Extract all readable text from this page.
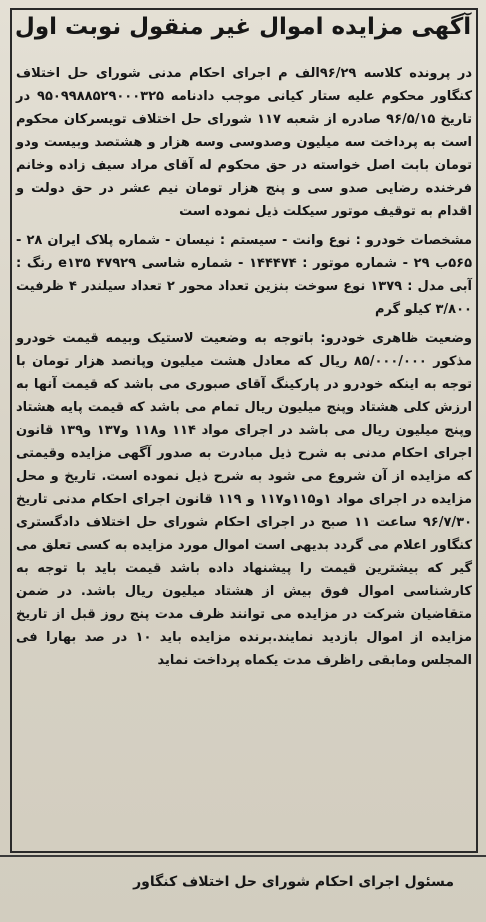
آگهی مزایده اموال غیر منقول نوبت اول

در پرونده کلاسه ۹۶/۲۹الف م اجرای احکام مدنی شورای حل اختلاف کنگاور محکوم علیه ستار کیانی موجب دادنامه ۹۵۰۹۹۸۸۵۲۹۰۰۰۳۲۵ در تاریخ ۹۶/۵/۱۵ صادره از شعبه ۱۱۷ شورای حل اختلاف تویسرکان محکوم است به پرداخت سه میلیون وصدوسی وسه هزار و هشتصد وبیست ودو تومان بابت اصل خواسته در حق محکوم له آقای مراد سیف زاده وخانم فرخنده رضایی صدو سی و پنج هزار تومان نیم عشر در حق دولت و اقدام به توقیف موتور سیکلت ذیل نموده است

مشخصات خودرو : نوع وانت - سیستم : نیسان - شماره پلاک ایران ۲۸ - ۵۶۵ب ۲۹ - شماره موتور : ۱۴۴۴۷۴ - شماره شاسی ۴۷۹۲۹ e۱۳۵ رنگ : آبی مدل : ۱۳۷۹ نوع سوخت بنزین تعداد محور ۲ تعداد سیلندر ۴ ظرفیت ۳/۸۰۰ کیلو گرم

وضعیت ظاهری خودرو: باتوجه به وضعیت لاستیک وبیمه قیمت خودرو مذکور ۸۵/۰۰۰/۰۰۰ ریال که معادل هشت میلیون وپانصد هزار تومان با توجه به اینکه خودرو در پارکینگ آقای صبوری می باشد که قیمت آنها به ارزش کلی هشتاد وپنج میلیون ریال تمام می باشد که قیمت پایه هشتاد وپنج میلیون ریال می باشد در اجرای مواد ۱۱۴ و۱۱۸ و۱۳۷ و۱۳۹ قانون اجرای احکام مدنی به شرح ذیل مبادرت به صدور آگهی مزایده وقیمتی که مزایده از آن شروع می شود به شرح ذیل نموده است. تاریخ و محل مزایده در اجرای مواد ۱و۱۱۵و۱۱۷ و ۱۱۹ قانون اجرای احکام مدنی تاریخ ۹۶/۷/۳۰ ساعت ۱۱ صبح در اجرای احکام شورای حل اختلاف دادگستری کنگاور اعلام می گردد بدیهی است اموال مورد مزایده به کسی تعلق می گیر که بیشترین قیمت را پیشنهاد داده باشد قیمت باید با توجه به کارشناسی اموال فوق بیش از هشتاد میلیون ریال باشد. در ضمن متقاضیان شرکت در مزایده می توانند ظرف مدت پنج روز قبل از تاریخ مزایده از اموال بازدید نمایند.برنده مزایده باید ۱۰ در صد بهارا فی المجلس ومابقی راظرف مدت یکماه پرداخت نماید

مسئول اجرای احکام شورای حل اختلاف کنگاور
